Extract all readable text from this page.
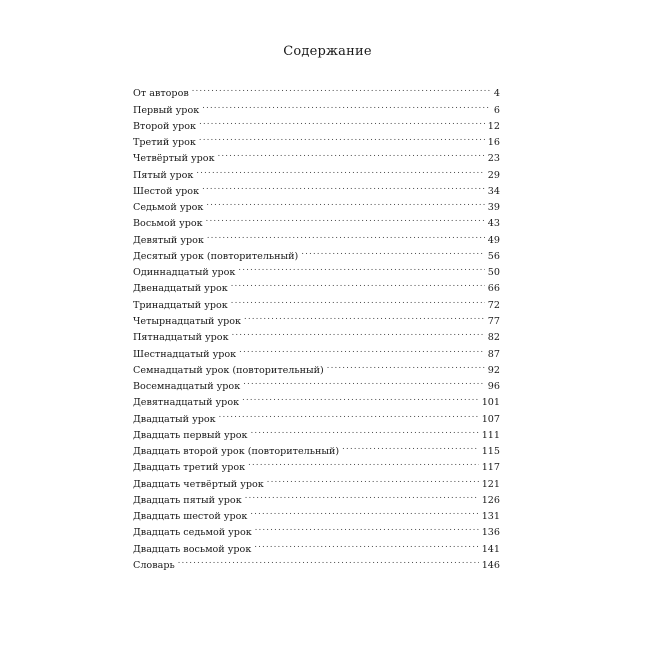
Содержание
От авторов .....	4
Первый урок .....	6
Второй урок .....	12
Третий урок .....	16
Четвёртый урок .....	23
Пятый урок .....	29
Шестой урок .....	34
Седьмой урок .....	39
Восьмой урок .....	43
Девятый урок .....	49
Десятый урок (повторительный) .....	56
Одиннадцатый урок .....	50
Двенадцатый урок .....	66
Тринадцатый урок .....	72
Четырнадцатый урок .....	77
Пятнадцатый урок .....	82
Шестнадцатый урок .....	87
Семнадцатый урок (повторительный) .....	92
Восемнадцатый урок .....	96
Девятнадцатый урок .....	101
Двадцатый урок .....	107
Двадцать первый урок .....	111
Двадцать второй урок (повторительный) .....	115
Двадцать третий урок .....	117
Двадцать четвёртый урок .....	121
Двадцать пятый урок .....	126
Двадцать шестой урок .....	131
Двадцать седьмой урок .....	136
Двадцать восьмой урок .....	141
Словарь .....	146
